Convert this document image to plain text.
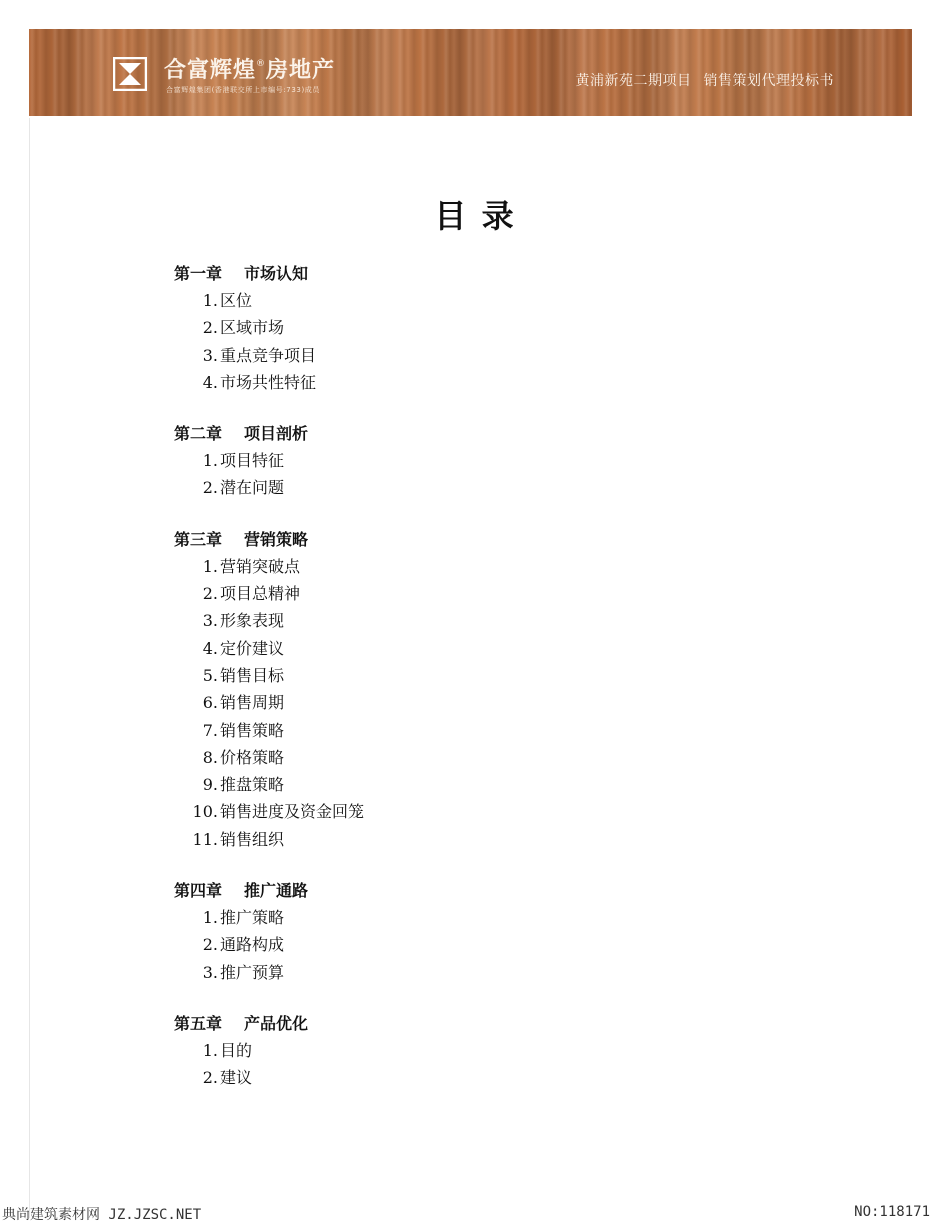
合富辉煌®房地产
合富辉煌集团(香港联交所上市编号:733)成员
黄浦新苑二期项目 销售策划代理投标书
目 录
第一章 市场认知
1. 区位
2. 区域市场
3. 重点竞争项目
4. 市场共性特征
第二章 项目剖析
1. 项目特征
2. 潜在问题
第三章 营销策略
1. 营销突破点
2. 项目总精神
3. 形象表现
4. 定价建议
5. 销售目标
6. 销售周期
7. 销售策略
8. 价格策略
9. 推盘策略
10. 销售进度及资金回笼
11. 销售组织
第四章 推广通路
1. 推广策略
2. 通路构成
3. 推广预算
第五章 产品优化
1. 目的
2. 建议
典尚建筑素材网 JZ.JZSC.NET	NO:118171
